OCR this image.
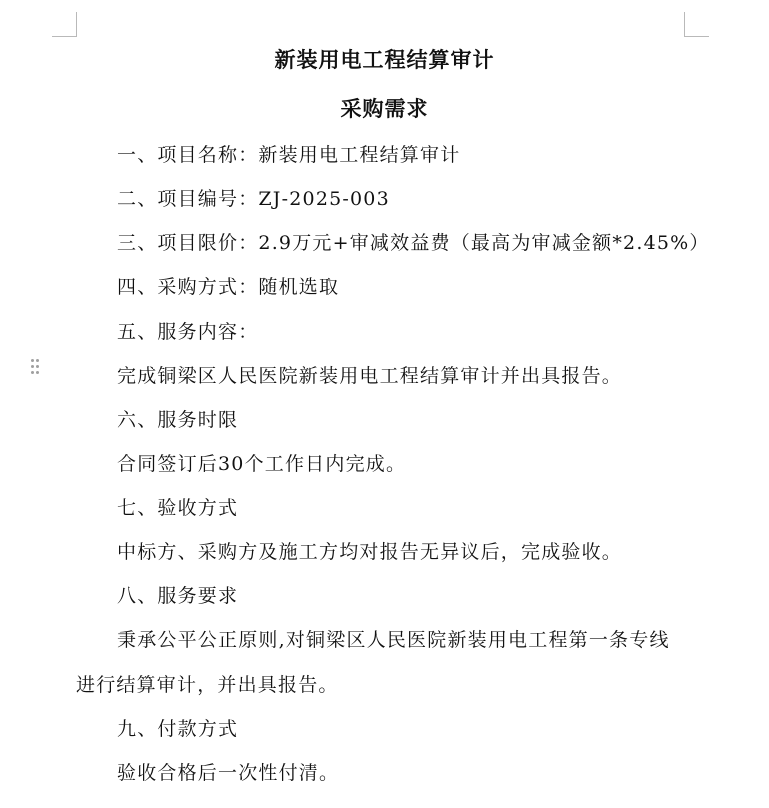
新装用电工程结算审计
采购需求
一、项目名称：新装用电工程结算审计
二、项目编号：ZJ-2025-003
三、项目限价：2.9万元+审减效益费（最高为审减金额*2.45%）
四、采购方式：随机选取
五、服务内容：
完成铜梁区人民医院新装用电工程结算审计并出具报告。
六、服务时限
合同签订后30个工作日内完成。
七、验收方式
中标方、采购方及施工方均对报告无异议后，完成验收。
八、服务要求
秉承公平公正原则,对铜梁区人民医院新装用电工程第一条专线
进行结算审计，并出具报告。
九、付款方式
验收合格后一次性付清。
